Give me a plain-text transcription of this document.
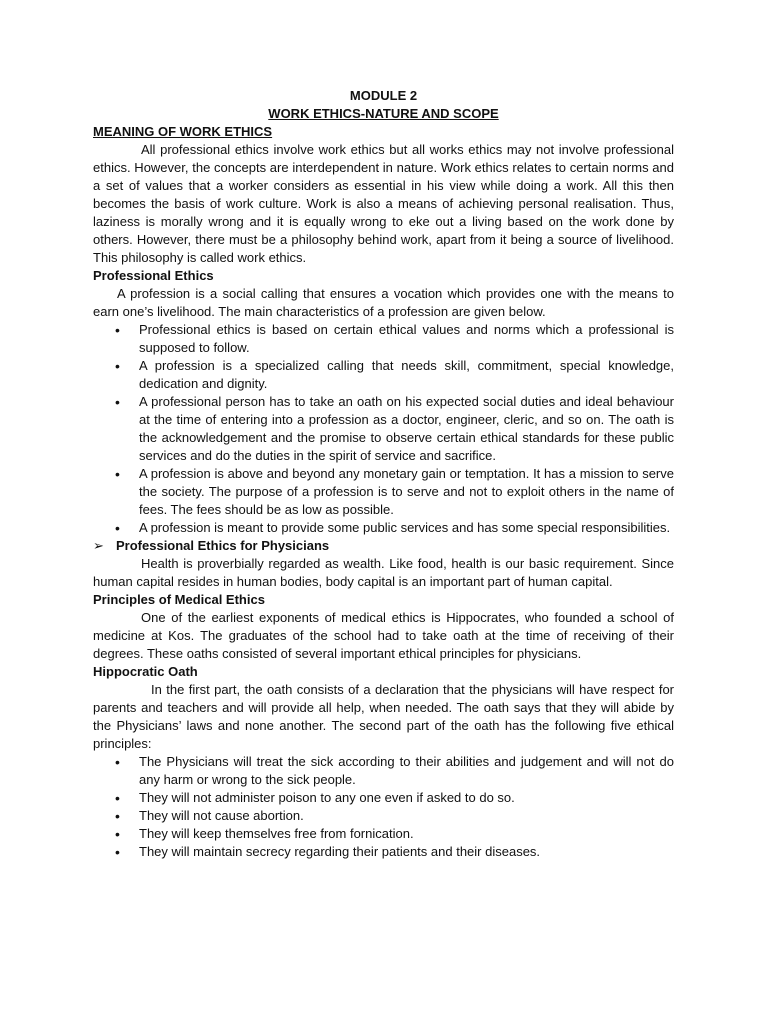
MODULE 2
WORK ETHICS-NATURE AND SCOPE
MEANING OF WORK ETHICS

All professional ethics involve work ethics but all works ethics may not involve professional ethics. However, the concepts are interdependent in nature. Work ethics relates to certain norms and a set of values that a worker considers as essential in his view while doing a work. All this then becomes the basis of work culture. Work is also a means of achieving personal realisation. Thus, laziness is morally wrong and it is equally wrong to eke out a living based on the work done by others. However, there must be a philosophy behind work, apart from it being a source of livelihood. This philosophy is called work ethics.

Professional Ethics

A profession is a social calling that ensures a vocation which provides one with the means to earn one’s livelihood. The main characteristics of a profession are given below.

• Professional ethics is based on certain ethical values and norms which a professional is supposed to follow.
• A profession is a specialized calling that needs skill, commitment, special knowledge, dedication and dignity.
• A professional person has to take an oath on his expected social duties and ideal behaviour at the time of entering into a profession as a doctor, engineer, cleric, and so on. The oath is the acknowledgement and the promise to observe certain ethical standards for these public services and do the duties in the spirit of service and sacrifice.
• A profession is above and beyond any monetary gain or temptation. It has a mission to serve the society. The purpose of a profession is to serve and not to exploit others in the name of fees. The fees should be as low as possible.
• A profession is meant to provide some public services and has some special responsibilities.
➢ Professional Ethics for Physicians

Health is proverbially regarded as wealth. Like food, health is our basic requirement. Since human capital resides in human bodies, body capital is an important part of human capital.

Principles of Medical Ethics

One of the earliest exponents of medical ethics is Hippocrates, who founded a school of medicine at Kos. The graduates of the school had to take oath at the time of receiving of their degrees. These oaths consisted of several important ethical principles for physicians.

Hippocratic Oath

In the first part, the oath consists of a declaration that the physicians will have respect for parents and teachers and will provide all help, when needed. The oath says that they will abide by the Physicians’ laws and none another. The second part of the oath has the following five ethical principles:

• The Physicians will treat the sick according to their abilities and judgement and will not do any harm or wrong to the sick people.
• They will not administer poison to any one even if asked to do so.
• They will not cause abortion.
• They will keep themselves free from fornication.
• They will maintain secrecy regarding their patients and their diseases.
